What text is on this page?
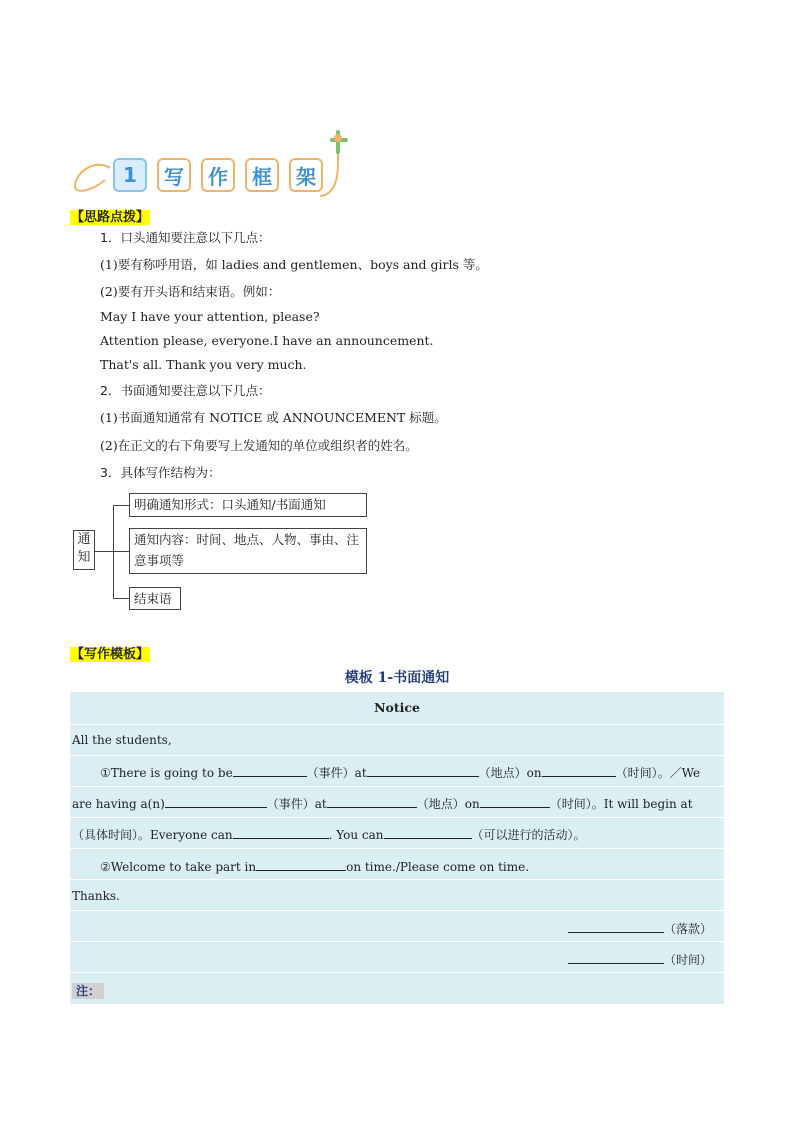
1	写	作	框	架
【思路点拨】
1．口头通知要注意以下几点：
(1)要有称呼用语，如 ladies and gentlemen、boys and girls 等。
(2)要有开头语和结束语。例如：
May I have your attention, please?
Attention please, everyone.I have an announcement.
That's all. Thank you very much.
2．书面通知要注意以下几点：
(1)书面通知通常有 NOTICE 或 ANNOUNCEMENT 标题。
(2)在正文的右下角要写上发通知的单位或组织者的姓名。
3．具体写作结构为：
通
知
明确通知形式：口头通知/书面通知
通知内容：时间、地点、人物、事由、注意事项等
结束语
【写作模板】
模板 1-书面通知
Notice
All the students,
①There is going to be	（事件）at	（地点）on	（时间）。／We
are having a(n)	（事件）at	（地点）on	（时间）。It will begin at
（具体时间）。Everyone can	. You can	（可以进行的活动）。
②Welcome to take part in	on time./Please come on time.
Thanks.
（落款）
（时间）
注：
